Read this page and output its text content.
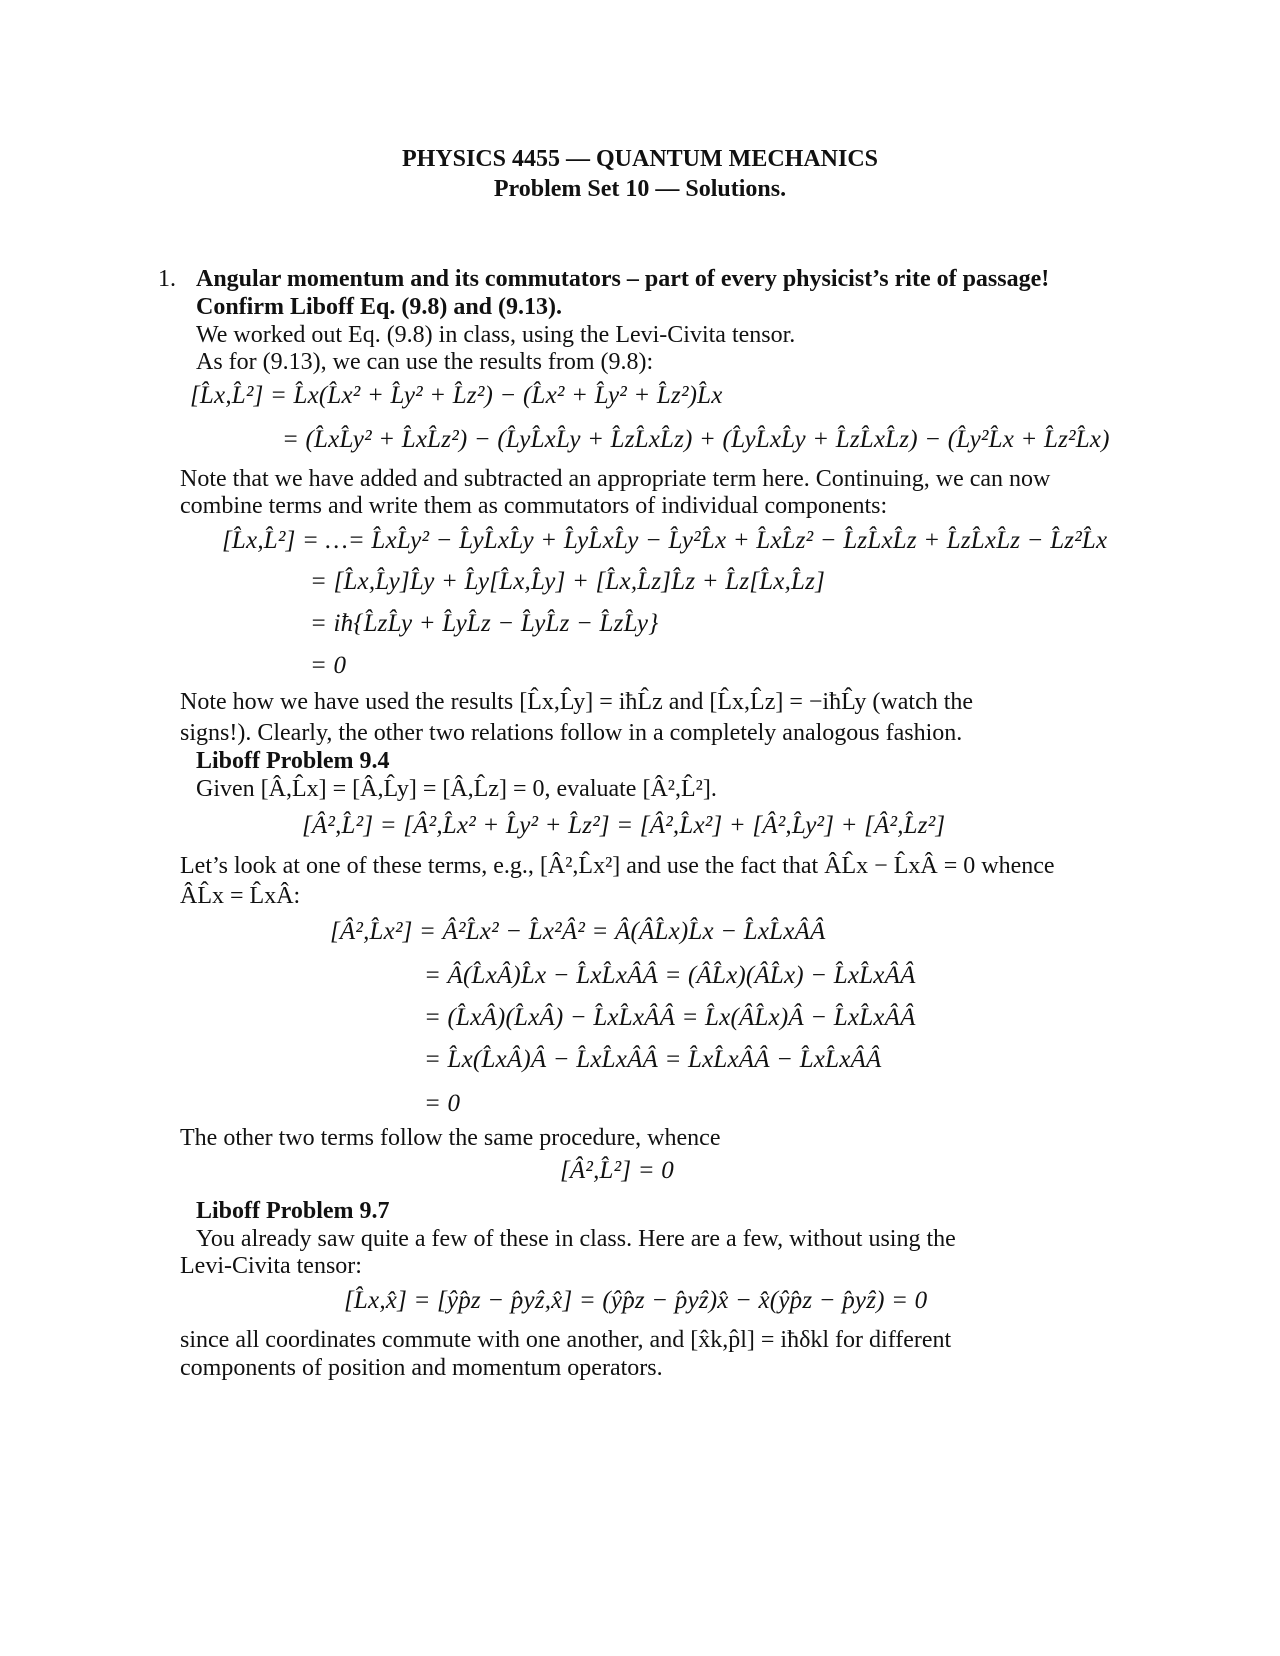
PHYSICS 4455 — QUANTUM MECHANICS
Problem Set 10 — Solutions.
1. Angular momentum and its commutators – part of every physicist’s rite of passage!
Confirm Liboff Eq. (9.8) and (9.13).
We worked out Eq. (9.8) in class, using the Levi-Civita tensor.
As for (9.13), we can use the results from (9.8):
[L̂x,L̂²] = L̂x(L̂x² + L̂y² + L̂z²) − (L̂x² + L̂y² + L̂z²)L̂x
= (L̂xL̂y² + L̂xL̂z²) − (L̂yL̂xL̂y + L̂zL̂xL̂z) + (L̂yL̂xL̂y + L̂zL̂xL̂z) − (L̂y²L̂x + L̂z²L̂x)
Note that we have added and subtracted an appropriate term here. Continuing, we can now
combine terms and write them as commutators of individual components:
[L̂x,L̂²] = …= L̂xL̂y² − L̂yL̂xL̂y + L̂yL̂xL̂y − L̂y²L̂x + L̂xL̂z² − L̂zL̂xL̂z + L̂zL̂xL̂z − L̂z²L̂x
= [L̂x,L̂y]L̂y + L̂y[L̂x,L̂y] + [L̂x,L̂z]L̂z + L̂z[L̂x,L̂z]
= iħ{L̂zL̂y + L̂yL̂z − L̂yL̂z − L̂zL̂y}
= 0
Note how we have used the results [L̂x,L̂y] = iħL̂z and [L̂x,L̂z] = −iħL̂y (watch the
signs!). Clearly, the other two relations follow in a completely analogous fashion.
Liboff Problem 9.4
Given [Â,L̂x] = [Â,L̂y] = [Â,L̂z] = 0, evaluate [Â²,L̂²].
[Â²,L̂²] = [Â²,L̂x² + L̂y² + L̂z²] = [Â²,L̂x²] + [Â²,L̂y²] + [Â²,L̂z²]
Let’s look at one of these terms, e.g., [Â²,L̂x²] and use the fact that ÂL̂x − L̂xÂ = 0 whence
ÂL̂x = L̂xÂ:
[Â²,L̂x²] = Â²L̂x² − L̂x²Â² = Â(ÂL̂x)L̂x − L̂xL̂xÂÂ
= Â(L̂xÂ)L̂x − L̂xL̂xÂÂ = (ÂL̂x)(ÂL̂x) − L̂xL̂xÂÂ
= (L̂xÂ)(L̂xÂ) − L̂xL̂xÂÂ = L̂x(ÂL̂x)Â − L̂xL̂xÂÂ
= L̂x(L̂xÂ)Â − L̂xL̂xÂÂ = L̂xL̂xÂÂ − L̂xL̂xÂÂ
= 0
The other two terms follow the same procedure, whence
[Â²,L̂²] = 0
Liboff Problem 9.7
You already saw quite a few of these in class. Here are a few, without using the
Levi-Civita tensor:
[L̂x,x̂] = [ŷp̂z − p̂yẑ,x̂] = (ŷp̂z − p̂yẑ)x̂ − x̂(ŷp̂z − p̂yẑ) = 0
since all coordinates commute with one another, and [x̂k,p̂l] = iħδkl for different
components of position and momentum operators.
